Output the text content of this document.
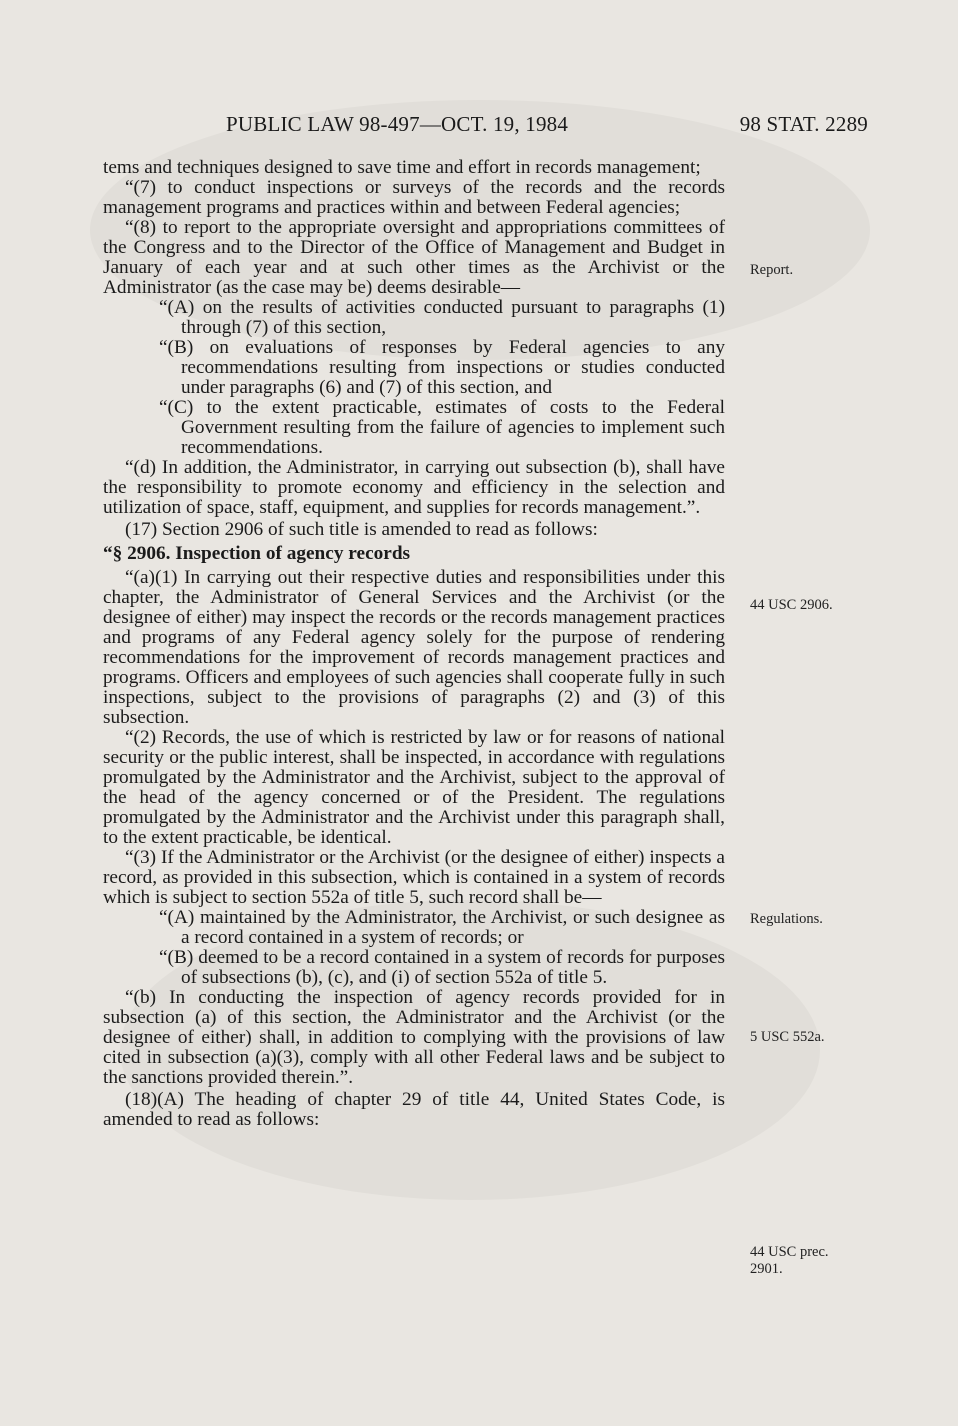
PUBLIC LAW 98-497—OCT. 19, 1984	98 STAT. 2289

tems and techniques designed to save time and effort in records management;

“(7) to conduct inspections or surveys of the records and the records management programs and practices within and between Federal agencies;

“(8) to report to the appropriate oversight and appropriations committees of the Congress and to the Director of the Office of Management and Budget in January of each year and at such other times as the Archivist or the Administrator (as the case may be) deems desirable—

“(A) on the results of activities conducted pursuant to paragraphs (1) through (7) of this section,

“(B) on evaluations of responses by Federal agencies to any recommendations resulting from inspections or studies conducted under paragraphs (6) and (7) of this section, and

“(C) to the extent practicable, estimates of costs to the Federal Government resulting from the failure of agencies to implement such recommendations.

“(d) In addition, the Administrator, in carrying out subsection (b), shall have the responsibility to promote economy and efficiency in the selection and utilization of space, staff, equipment, and supplies for records management.”.

(17) Section 2906 of such title is amended to read as follows:

“§ 2906. Inspection of agency records

“(a)(1) In carrying out their respective duties and responsibilities under this chapter, the Administrator of General Services and the Archivist (or the designee of either) may inspect the records or the records management practices and programs of any Federal agency solely for the purpose of rendering recommendations for the improvement of records management practices and programs. Officers and employees of such agencies shall cooperate fully in such inspections, subject to the provisions of paragraphs (2) and (3) of this subsection.

“(2) Records, the use of which is restricted by law or for reasons of national security or the public interest, shall be inspected, in accordance with regulations promulgated by the Administrator and the Archivist, subject to the approval of the head of the agency concerned or of the President. The regulations promulgated by the Administrator and the Archivist under this paragraph shall, to the extent practicable, be identical.

“(3) If the Administrator or the Archivist (or the designee of either) inspects a record, as provided in this subsection, which is contained in a system of records which is subject to section 552a of title 5, such record shall be—

“(A) maintained by the Administrator, the Archivist, or such designee as a record contained in a system of records; or

“(B) deemed to be a record contained in a system of records for purposes of subsections (b), (c), and (i) of section 552a of title 5.

“(b) In conducting the inspection of agency records provided for in subsection (a) of this section, the Administrator and the Archivist (or the designee of either) shall, in addition to complying with the provisions of law cited in subsection (a)(3), comply with all other Federal laws and be subject to the sanctions provided therein.”.

(18)(A) The heading of chapter 29 of title 44, United States Code, is amended to read as follows:

Report.
44 USC 2906.
Regulations.
5 USC 552a.
44 USC prec.
2901.
